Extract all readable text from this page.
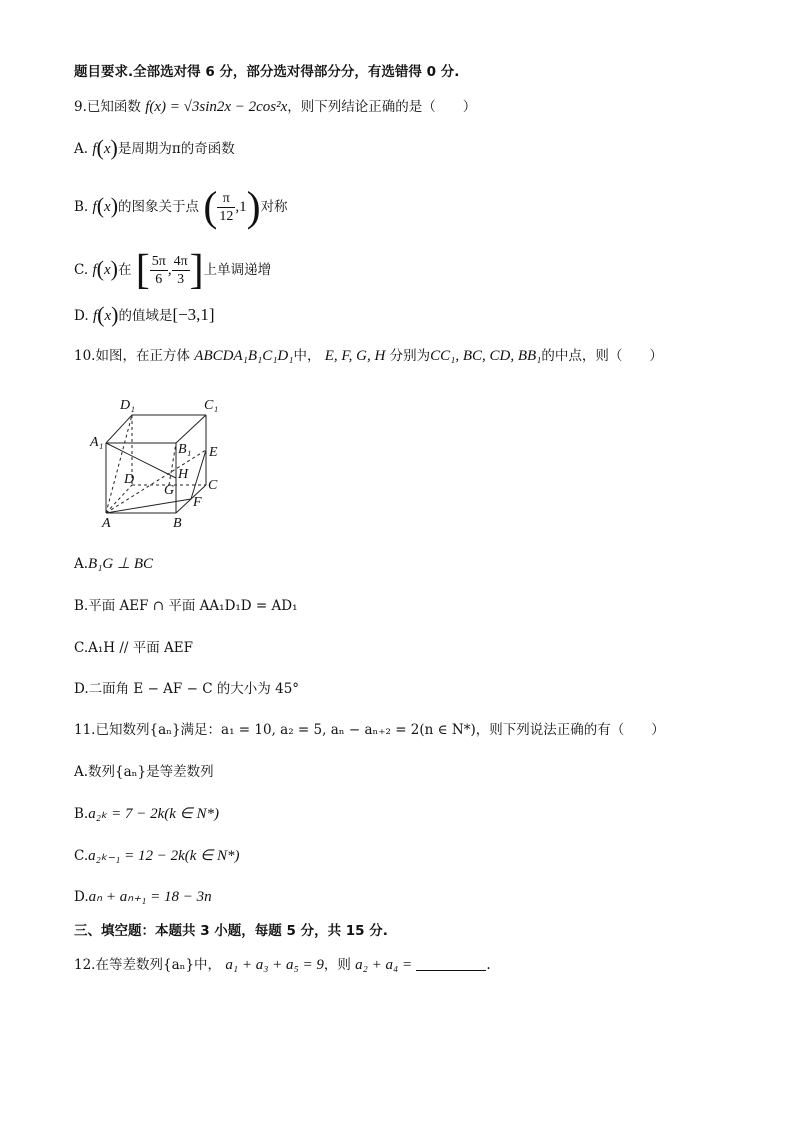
题目要求.全部选对得 6 分，部分选对得部分分，有选错得 0 分.
9.已知函数 f(x) = √3sin2x − 2cos²x，则下列结论正确的是（　　）
A. f(x)是周期为π的奇函数
B. f(x)的图象关于点 ( $\frac{\pi}{12} ,1$)对称
C. f(x)在 [ $\frac{5\pi}{6}$ , $\frac{4\pi}{3}$ ]上单调递增
D. f(x)的值域是[−3,1]
10.如图，在正方体 ABCDA₁B₁C₁D₁中， E, F, G, H 分别为CC₁, BC, CD, BB₁的中点，则（　　）
D₁	C₁
A₁	B₁ E
H
D
G C
F
A	B
A.B₁G ⊥ BC
B.平面 AEF ∩ 平面 AA₁D₁D = AD₁
C.A₁H // 平面 AEF
D.二面角 E − AF − C 的大小为 45°
11.已知数列{aₙ}满足：a₁ = 10, a₂ = 5, aₙ − aₙ₊₂ = 2(n ∈ N*)，则下列说法正确的有（　　）
A.数列{aₙ}是等差数列
B.a₂ₖ = 7 − 2k(k ∈ N*)
C.a₂ₖ₋₁ = 12 − 2k(k ∈ N*)
D.aₙ + aₙ₊₁ = 18 − 3n
三、填空题：本题共 3 小题，每题 5 分，共 15 分.
12.在等差数列{aₙ}中， a₁ + a₃ + a₅ = 9，则 a₂ + a₄ =	.
